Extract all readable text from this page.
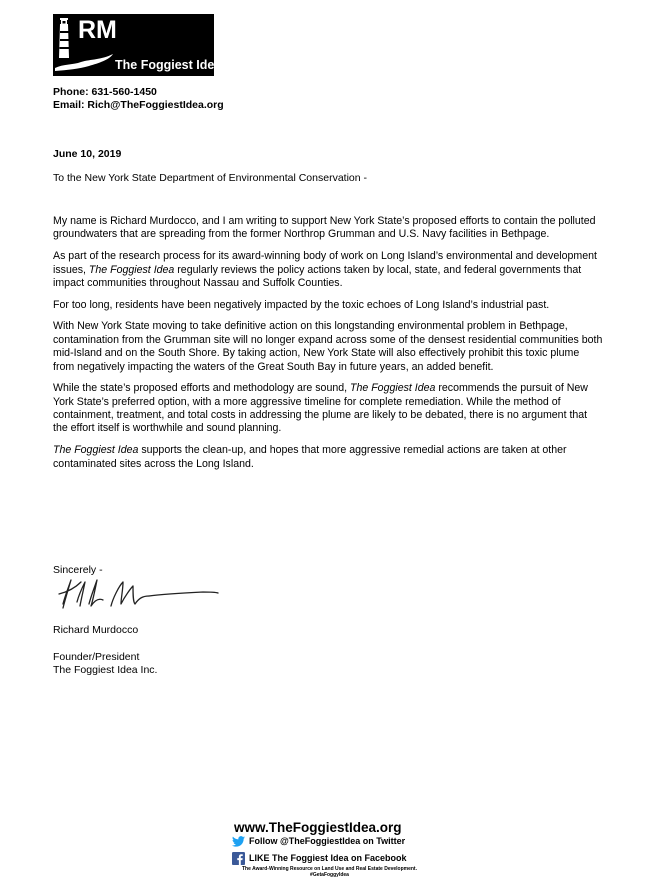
RM
The Foggiest Idea
Phone: 631-560-1450
Email: Rich@TheFoggiestIdea.org
June 10, 2019
To the New York State Department of Environmental Conservation -

My name is Richard Murdocco, and I am writing to support New York State’s proposed efforts to contain the polluted groundwaters that are spreading from the former Northrop Grumman and U.S. Navy facilities in Bethpage.

As part of the research process for its award-winning body of work on Long Island’s environmental and development issues, The Foggiest Idea regularly reviews the policy actions taken by local, state, and federal governments that impact communities throughout Nassau and Suffolk Counties.

For too long, residents have been negatively impacted by the toxic echoes of Long Island’s industrial past.

With New York State moving to take definitive action on this longstanding environmental problem in Bethpage, contamination from the Grumman site will no longer expand across some of the densest residential communities both mid-Island and on the South Shore. By taking action, New York State will also effectively prohibit this toxic plume from negatively impacting the waters of the Great South Bay in future years, an added benefit.

While the state’s proposed efforts and methodology are sound, The Foggiest Idea recommends the pursuit of New York State’s preferred option, with a more aggressive timeline for complete remediation. While the method of containment, treatment, and total costs in addressing the plume are likely to be debated, there is no argument that the effort itself is worthwhile and sound planning.

The Foggiest Idea supports the clean-up, and hopes that more aggressive remedial actions are taken at other contaminated sites across the Long Island.

Sincerely -
Richard Murdocco
Founder/President
The Foggiest Idea Inc.
www.TheFoggiestIdea.org
Follow @TheFoggiestIdea on Twitter
LIKE The Foggiest Idea on Facebook
The Award-Winning Resource on Land Use and Real Estate Development.
#GetaFoggyIdea
